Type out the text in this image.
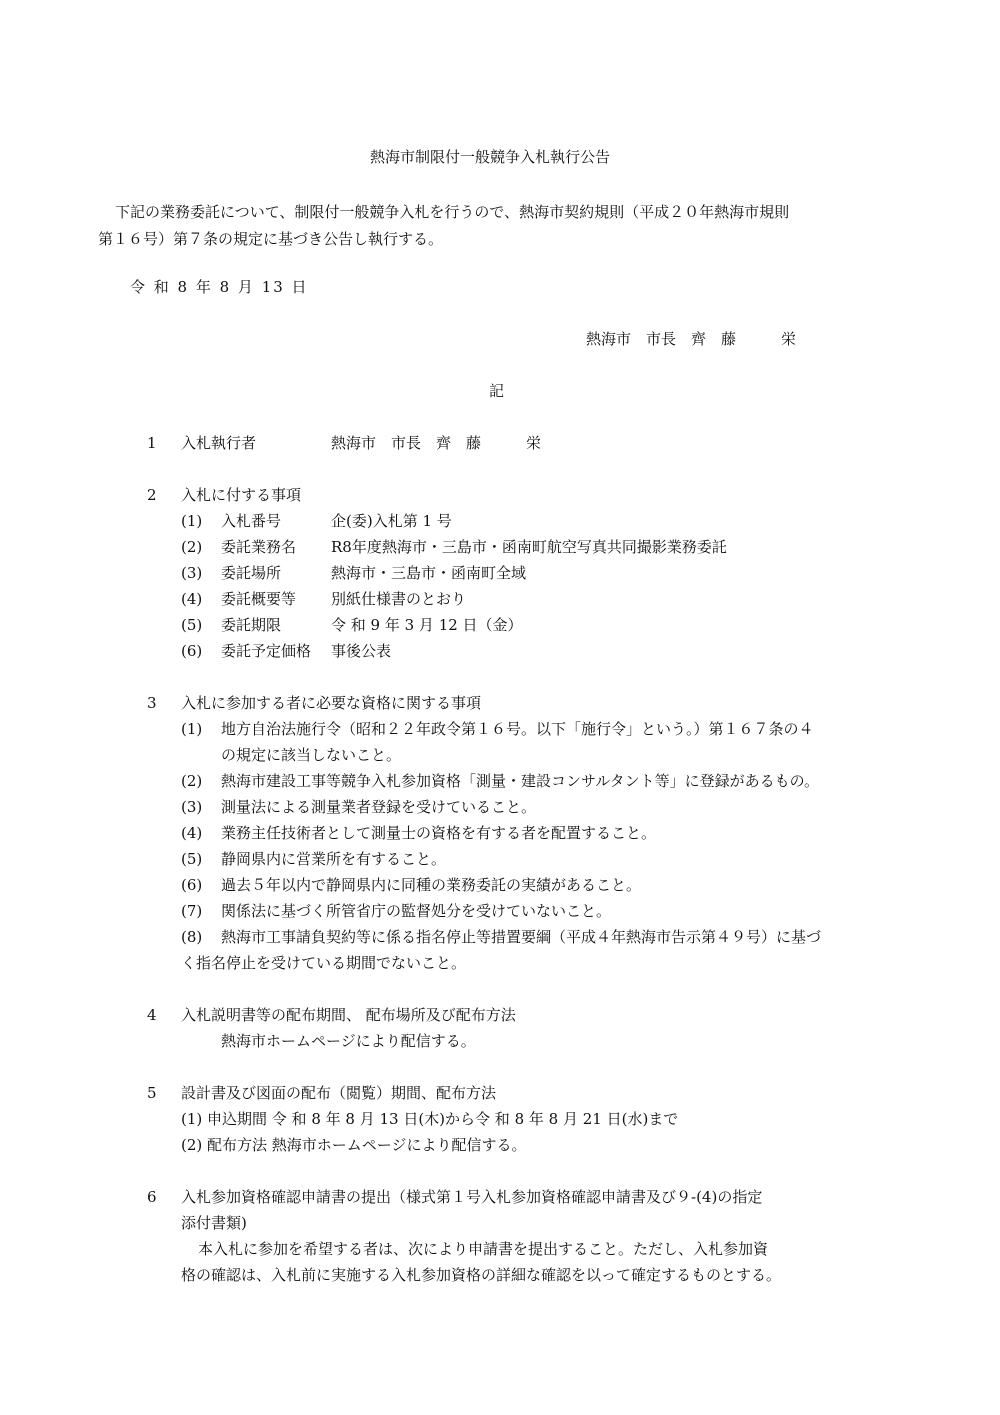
熱海市制限付一般競争入札執行公告
下記の業務委託について、制限付一般競争入札を行うので、熱海市契約規則（平成２０年熱海市規則
第１６号）第７条の規定に基づき公告し執行する。
令 和 8 年 8 月 13 日
熱海市　市長　齊　藤　　　栄
記
1 入札執行者	熱海市　市長　齊　藤　　　栄
2 入札に付する事項
(1) 入札番号	企(委)入札第 1 号
(2) 委託業務名 R8年度熱海市・三島市・函南町航空写真共同撮影業務委託
(3) 委託場所	熱海市・三島市・函南町全域
(4) 委託概要等 別紙仕様書のとおり
(5) 委託期限	令 和 9 年 3 月 12 日（金）
(6) 委託予定価格 事後公表
3 入札に参加する者に必要な資格に関する事項
(1) 地方自治法施行令（昭和２２年政令第１６号。以下「施行令」という。）第１６７条の４
の規定に該当しないこと。
(2) 熱海市建設工事等競争入札参加資格「測量・建設コンサルタント等」に登録があるもの。
(3) 測量法による測量業者登録を受けていること。
(4) 業務主任技術者として測量士の資格を有する者を配置すること。
(5) 静岡県内に営業所を有すること。
(6) 過去５年以内で静岡県内に同種の業務委託の実績があること。
(7) 関係法に基づく所管省庁の監督処分を受けていないこと。
(8) 熱海市工事請負契約等に係る指名停止等措置要綱（平成４年熱海市告示第４９号）に基づ
く指名停止を受けている期間でないこと。
4 入札説明書等の配布期間、 配布場所及び配布方法
熱海市ホームページにより配信する。
5 設計書及び図面の配布（閲覧）期間、配布方法
(1) 申込期間 令 和 8 年 8 月 13 日(木)から令 和 8 年 8 月 21 日(水)まで
(2) 配布方法 熱海市ホームページにより配信する。
6 入札参加資格確認申請書の提出（様式第１号入札参加資格確認申請書及び９-(4)の指定
添付書類)
本入札に参加を希望する者は、次により申請書を提出すること。ただし、入札参加資
格の確認は、入札前に実施する入札参加資格の詳細な確認を以って確定するものとする。
